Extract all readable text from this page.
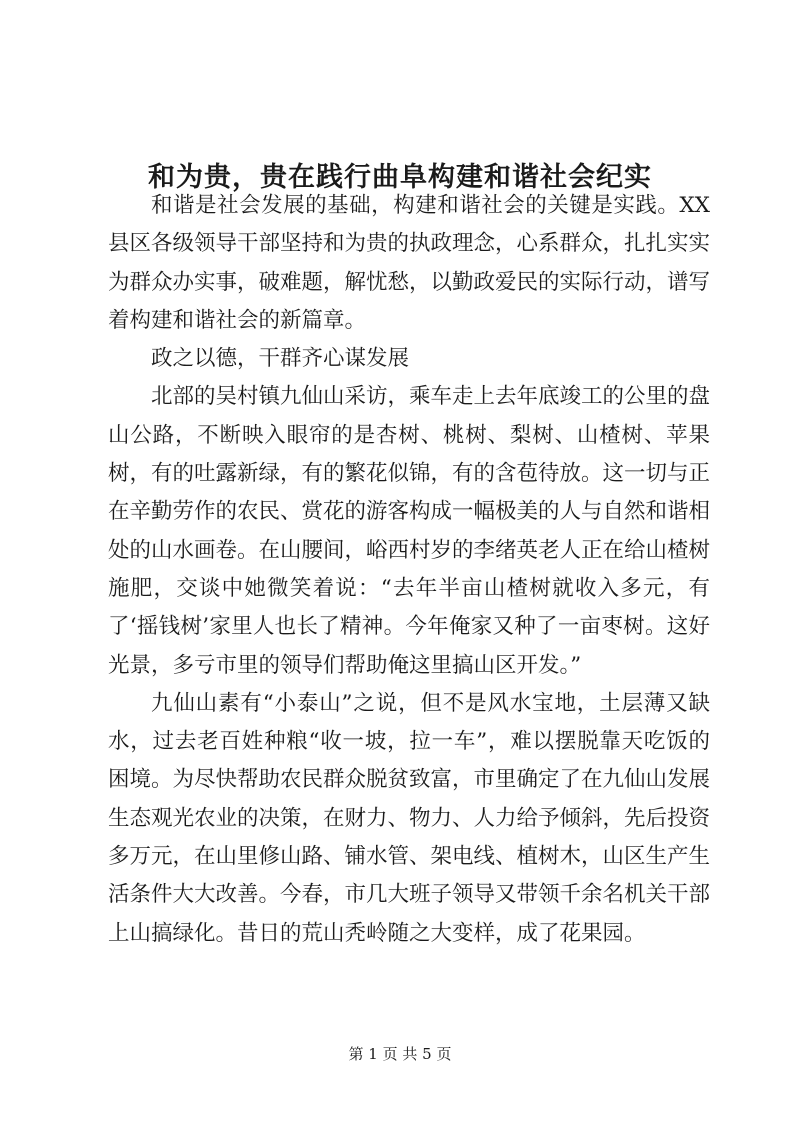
和为贵，贵在践行曲阜构建和谐社会纪实

和谐是社会发展的基础，构建和谐社会的关键是实践。XX县区各级领导干部坚持和为贵的执政理念，心系群众，扎扎实实为群众办实事，破难题，解忧愁，以勤政爱民的实际行动，谱写着构建和谐社会的新篇章。

政之以德，干群齐心谋发展

北部的吴村镇九仙山采访，乘车走上去年底竣工的公里的盘山公路，不断映入眼帘的是杏树、桃树、梨树、山楂树、苹果树，有的吐露新绿，有的繁花似锦，有的含苞待放。这一切与正在辛勤劳作的农民、赏花的游客构成一幅极美的人与自然和谐相处的山水画卷。在山腰间，峪西村岁的李绪英老人正在给山楂树施肥，交谈中她微笑着说：“去年半亩山楂树就收入多元，有了‘摇钱树’家里人也长了精神。今年俺家又种了一亩枣树。这好光景，多亏市里的领导们帮助俺这里搞山区开发。”

九仙山素有“小泰山”之说，但不是风水宝地，土层薄又缺水，过去老百姓种粮“收一坡，拉一车”，难以摆脱靠天吃饭的困境。为尽快帮助农民群众脱贫致富，市里确定了在九仙山发展生态观光农业的决策，在财力、物力、人力给予倾斜，先后投资多万元，在山里修山路、铺水管、架电线、植树木，山区生产生活条件大大改善。今春，市几大班子领导又带领千余名机关干部上山搞绿化。昔日的荒山秃岭随之大变样，成了花果园。

第 1 页 共 5 页
